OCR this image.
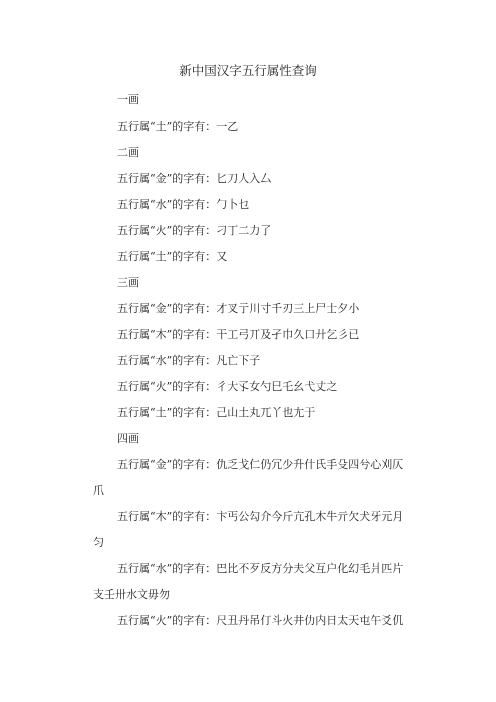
新中国汉字五行属性查询
一画
五行属“土”的字有：一乙
二画
五行属“金”的字有：匕刀人入厶
五行属“水”的字有：勹卜乜
五行属“火”的字有：刁丁二力了
五行属“土”的字有：又
三画
五行属“金”的字有：才叉亍川寸千刃三上尸士夕小
五行属“木”的字有：干工弓丌及孑巾久口廾乞彡已
五行属“水”的字有：凡亡下子
五行属“火”的字有：彳大孓女勺巳乇幺弋丈之
五行属“土”的字有：己山土丸兀丫也尢于
四画
五行属“金”的字有：仇乏戈仁仍冗少升什氏手殳四兮心刈仄
爪
五行属“木”的字有：卞丐公勾介今斤亢孔木牛亓欠犬牙元月
匀
五行属“水”的字有：巴比不歹反方分夫父互户化幻毛爿匹片
支壬卅水文毋勿
五行属“火”的字有：尺丑丹吊仃斗火井仂内日太天屯午爻仉
